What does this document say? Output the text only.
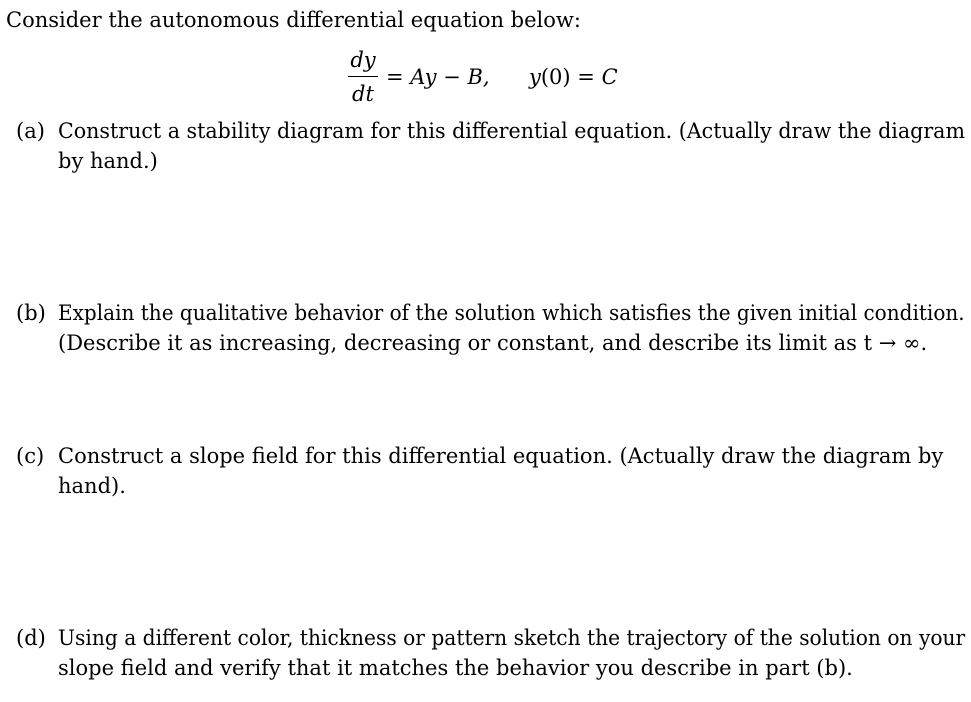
Consider the autonomous differential equation below:
dy
dt
= Ay − B, y(0) = C
(a) Construct a stability diagram for this differential equation. (Actually draw the diagram
by hand.)
(b) Explain the qualitative behavior of the solution which satisfies the given initial condition.
(Describe it as increasing, decreasing or constant, and describe its limit as t → ∞.
(c) Construct a slope field for this differential equation. (Actually draw the diagram by
hand).
(d) Using a different color, thickness or pattern sketch the trajectory of the solution on your
slope field and verify that it matches the behavior you describe in part (b).
